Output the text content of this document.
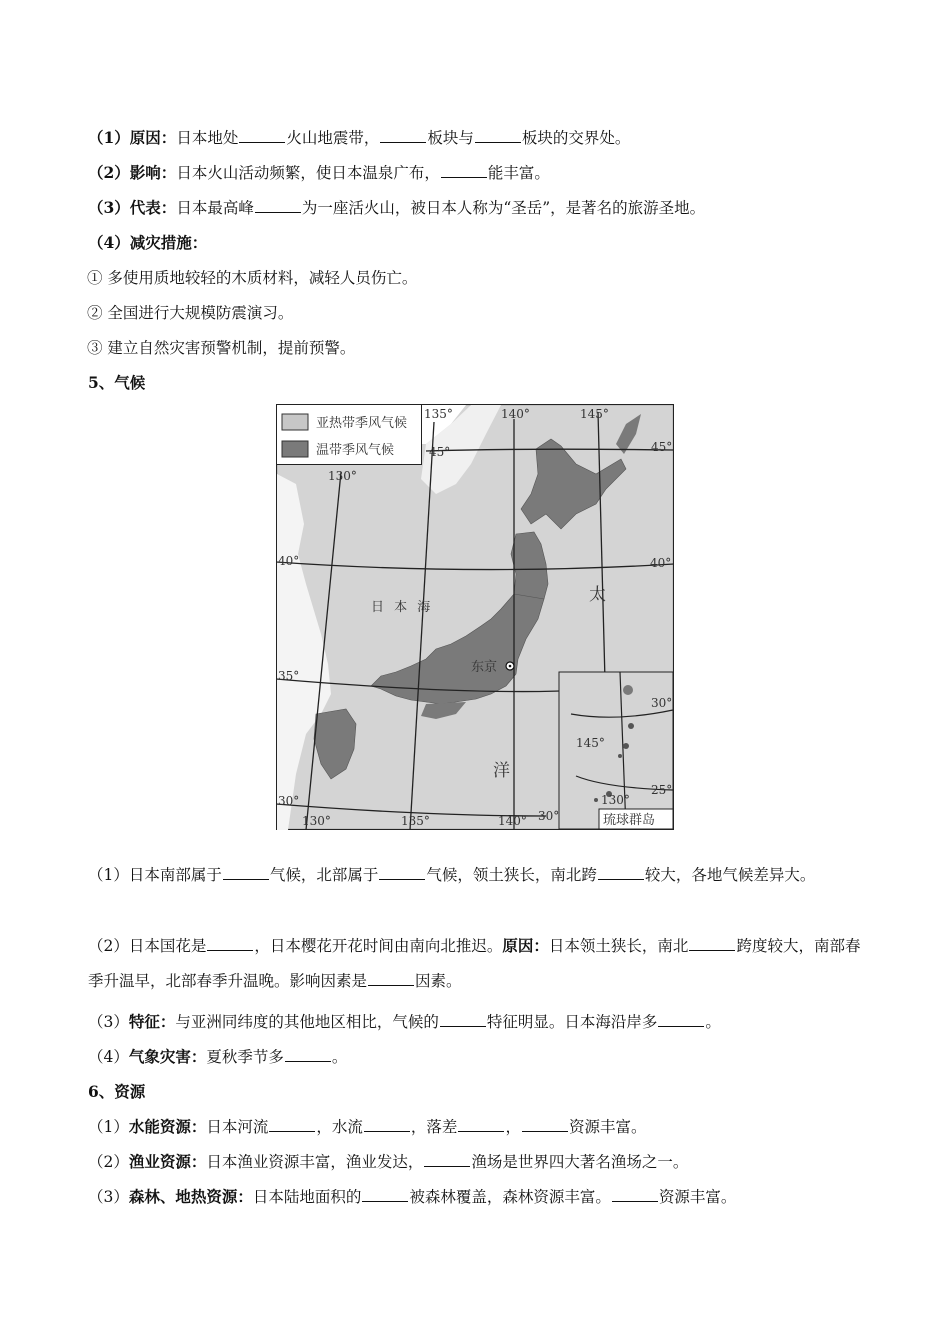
（1）原因：日本地处	火山地震带，	板块与	板块的交界处。
（2）影响：日本火山活动频繁，使日本温泉广布，	能丰富。
（3）代表：日本最高峰	为一座活火山，被日本人称为“圣岳”，是著名的旅游圣地。
（4）减灾措施：
① 多使用质地较轻的木质材料，减轻人员伤亡。
② 全国进行大规模防震演习。
③ 建立自然灾害预警机制，提前预警。
5、气候
东京
日 本 海
太
洋
135°	140°	145°
130°
130°	135°	140°
45°	45°
40°	40°
35°
30°
30°
亚热带季风气候
温带季风气候
30°
145°
25°
130°
琉球群岛
（1）日本南部属于	气候，北部属于	气候，领土狭长，南北跨	较大，各地气候差异大。
（2）日本国花是	，日本樱花开花时间由南向北推迟。原因：日本领土狭长，南北	跨度较大，南部春季升温早，北部春季升温晚。影响因素是	因素。
（3）特征：与亚洲同纬度的其他地区相比，气候的	特征明显。日本海沿岸多	。
（4）气象灾害：夏秋季节多	。
6、资源
（1）水能资源：日本河流	，水流	，落差	，	资源丰富。
（2）渔业资源：日本渔业资源丰富，渔业发达，	渔场是世界四大著名渔场之一。
（3）森林、地热资源：日本陆地面积的	被森林覆盖，森林资源丰富。	资源丰富。
